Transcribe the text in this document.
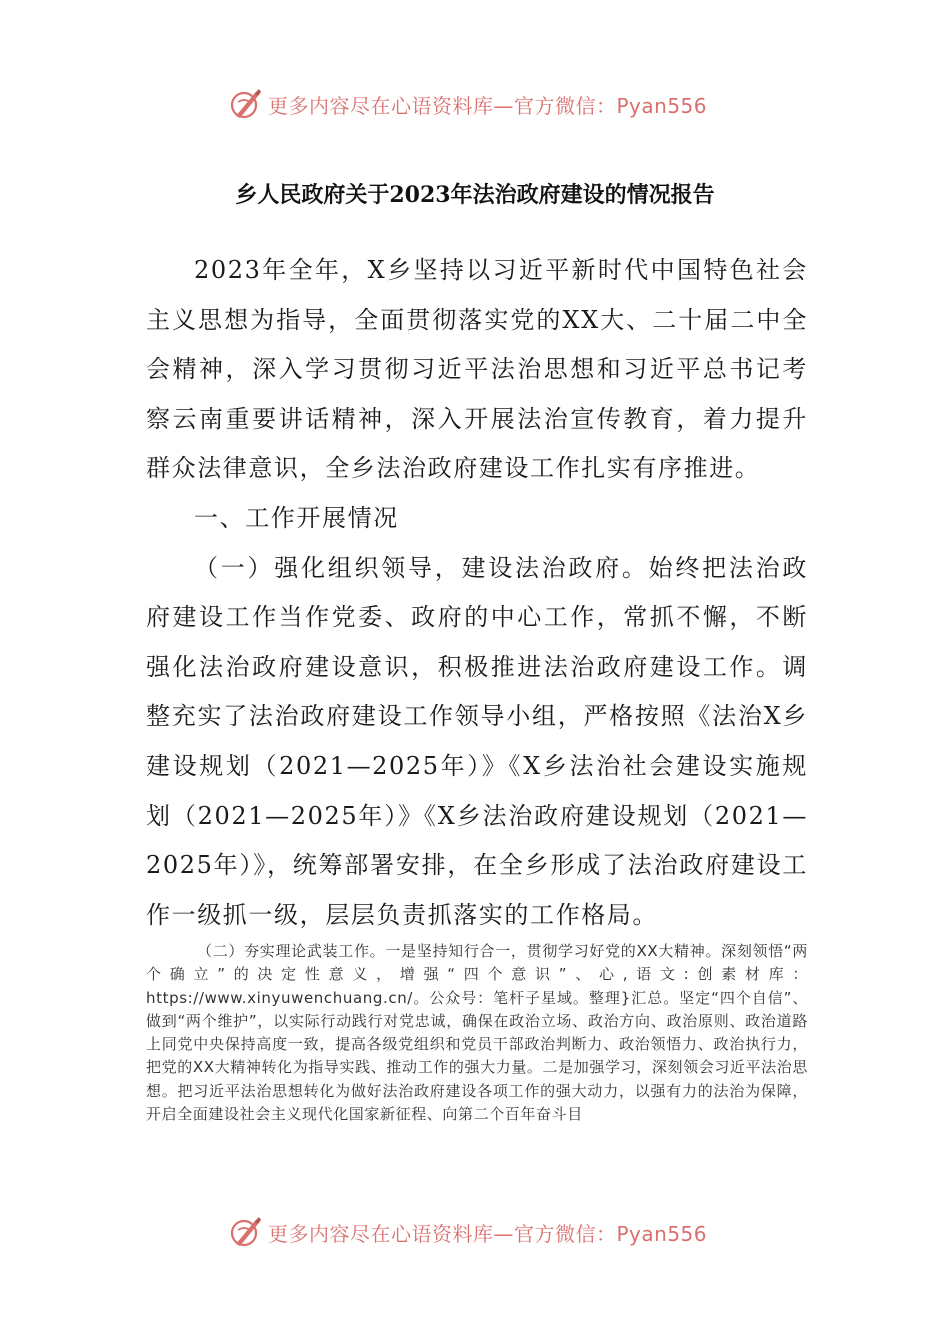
更多内容尽在心语资料库—官方微信：Pyan556
乡人民政府关于2023年法治政府建设的情况报告

2023年全年，X乡坚持以习近平新时代中国特色社会主义思想为指导，全面贯彻落实党的XX大、二十届二中全会精神，深入学习贯彻习近平法治思想和习近平总书记考察云南重要讲话精神，深入开展法治宣传教育，着力提升群众法律意识，全乡法治政府建设工作扎实有序推进。

一、工作开展情况

（一）强化组织领导，建设法治政府。始终把法治政府建设工作当作党委、政府的中心工作，常抓不懈，不断强化法治政府建设意识，积极推进法治政府建设工作。调整充实了法治政府建设工作领导小组，严格按照《法治X乡建设规划（2021—2025年）》《X乡法治社会建设实施规划（2021—2025年）》《X乡法治政府建设规划（2021—2025年）》，统筹部署安排，在全乡形成了法治政府建设工作一级抓一级，层层负责抓落实的工作格局。

（二）夯实理论武装工作。一是坚持知行合一，贯彻学习好党的XX大精神。深刻领悟“两个确立”的决定性意义，增强“四个意识”、心,语文:创素材库：https://www.xinyuwenchuang.cn/。公众号：笔杆子星域。整理}汇总。坚定“四个自信”、做到“两个维护”，以实际行动践行对党忠诚，确保在政治立场、政治方向、政治原则、政治道路上同党中央保持高度一致，提高各级党组织和党员干部政治判断力、政治领悟力、政治执行力，把党的XX大精神转化为指导实践、推动工作的强大力量。二是加强学习，深刻领会习近平法治思想。把习近平法治思想转化为做好法治政府建设各项工作的强大动力，以强有力的法治为保障，开启全面建设社会主义现代化国家新征程、向第二个百年奋斗目

更多内容尽在心语资料库—官方微信：Pyan556
